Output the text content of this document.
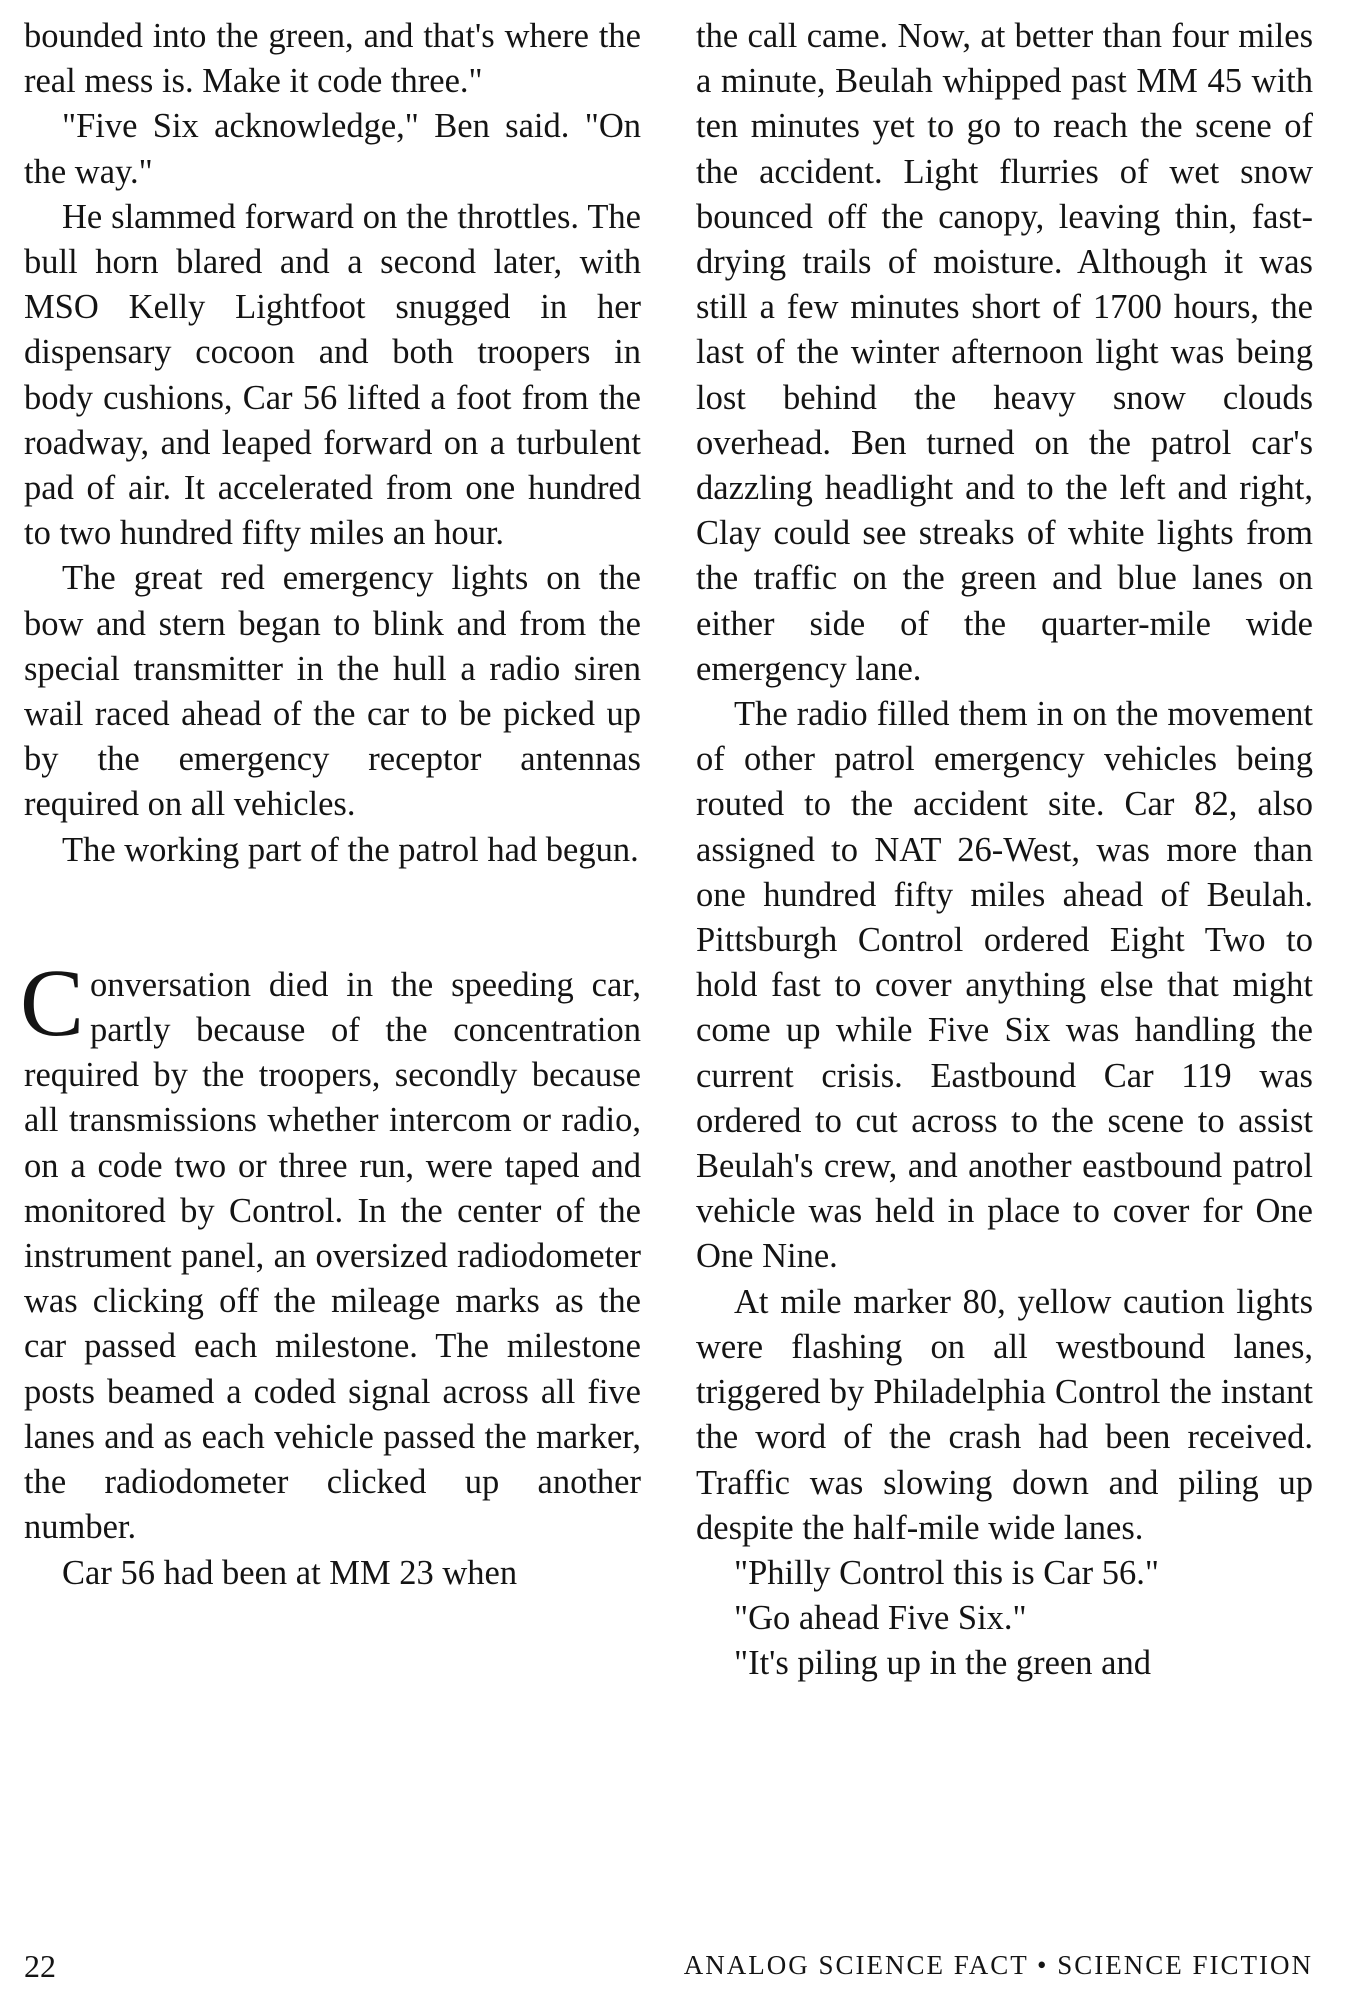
bounded into the green, and that's where the real mess is. Make it code three."

"Five Six acknowledge," Ben said. "On the way."

He slammed forward on the throttles. The bull horn blared and a second later, with MSO Kelly Lightfoot snugged in her dispensary cocoon and both troopers in body cushions, Car 56 lifted a foot from the roadway, and leaped forward on a turbulent pad of air. It accelerated from one hundred to two hundred fifty miles an hour.

The great red emergency lights on the bow and stern began to blink and from the special transmitter in the hull a radio siren wail raced ahead of the car to be picked up by the emergency receptor antennas required on all vehicles.

The working part of the patrol had begun.

Conversation died in the speeding car, partly because of the concentration required by the troopers, secondly because all transmissions whether intercom or radio, on a code two or three run, were taped and monitored by Control. In the center of the instrument panel, an oversized radiodometer was clicking off the mileage marks as the car passed each milestone. The milestone posts beamed a coded signal across all five lanes and as each vehicle passed the marker, the radiodometer clicked up another number.

Car 56 had been at MM 23 when

the call came. Now, at better than four miles a minute, Beulah whipped past MM 45 with ten minutes yet to go to reach the scene of the accident. Light flurries of wet snow bounced off the canopy, leaving thin, fast-drying trails of moisture. Although it was still a few minutes short of 1700 hours, the last of the winter afternoon light was being lost behind the heavy snow clouds overhead. Ben turned on the patrol car's dazzling headlight and to the left and right, Clay could see streaks of white lights from the traffic on the green and blue lanes on either side of the quarter-mile wide emergency lane.

The radio filled them in on the movement of other patrol emergency vehicles being routed to the accident site. Car 82, also assigned to NAT 26-West, was more than one hundred fifty miles ahead of Beulah. Pittsburgh Control ordered Eight Two to hold fast to cover anything else that might come up while Five Six was handling the current crisis. Eastbound Car 119 was ordered to cut across to the scene to assist Beulah's crew, and another eastbound patrol vehicle was held in place to cover for One One Nine.

At mile marker 80, yellow caution lights were flashing on all westbound lanes, triggered by Philadelphia Control the instant the word of the crash had been received. Traffic was slowing down and piling up despite the half-mile wide lanes.

"Philly Control this is Car 56."

"Go ahead Five Six."

"It's piling up in the green and

22	ANALOG SCIENCE FACT • SCIENCE FICTION
